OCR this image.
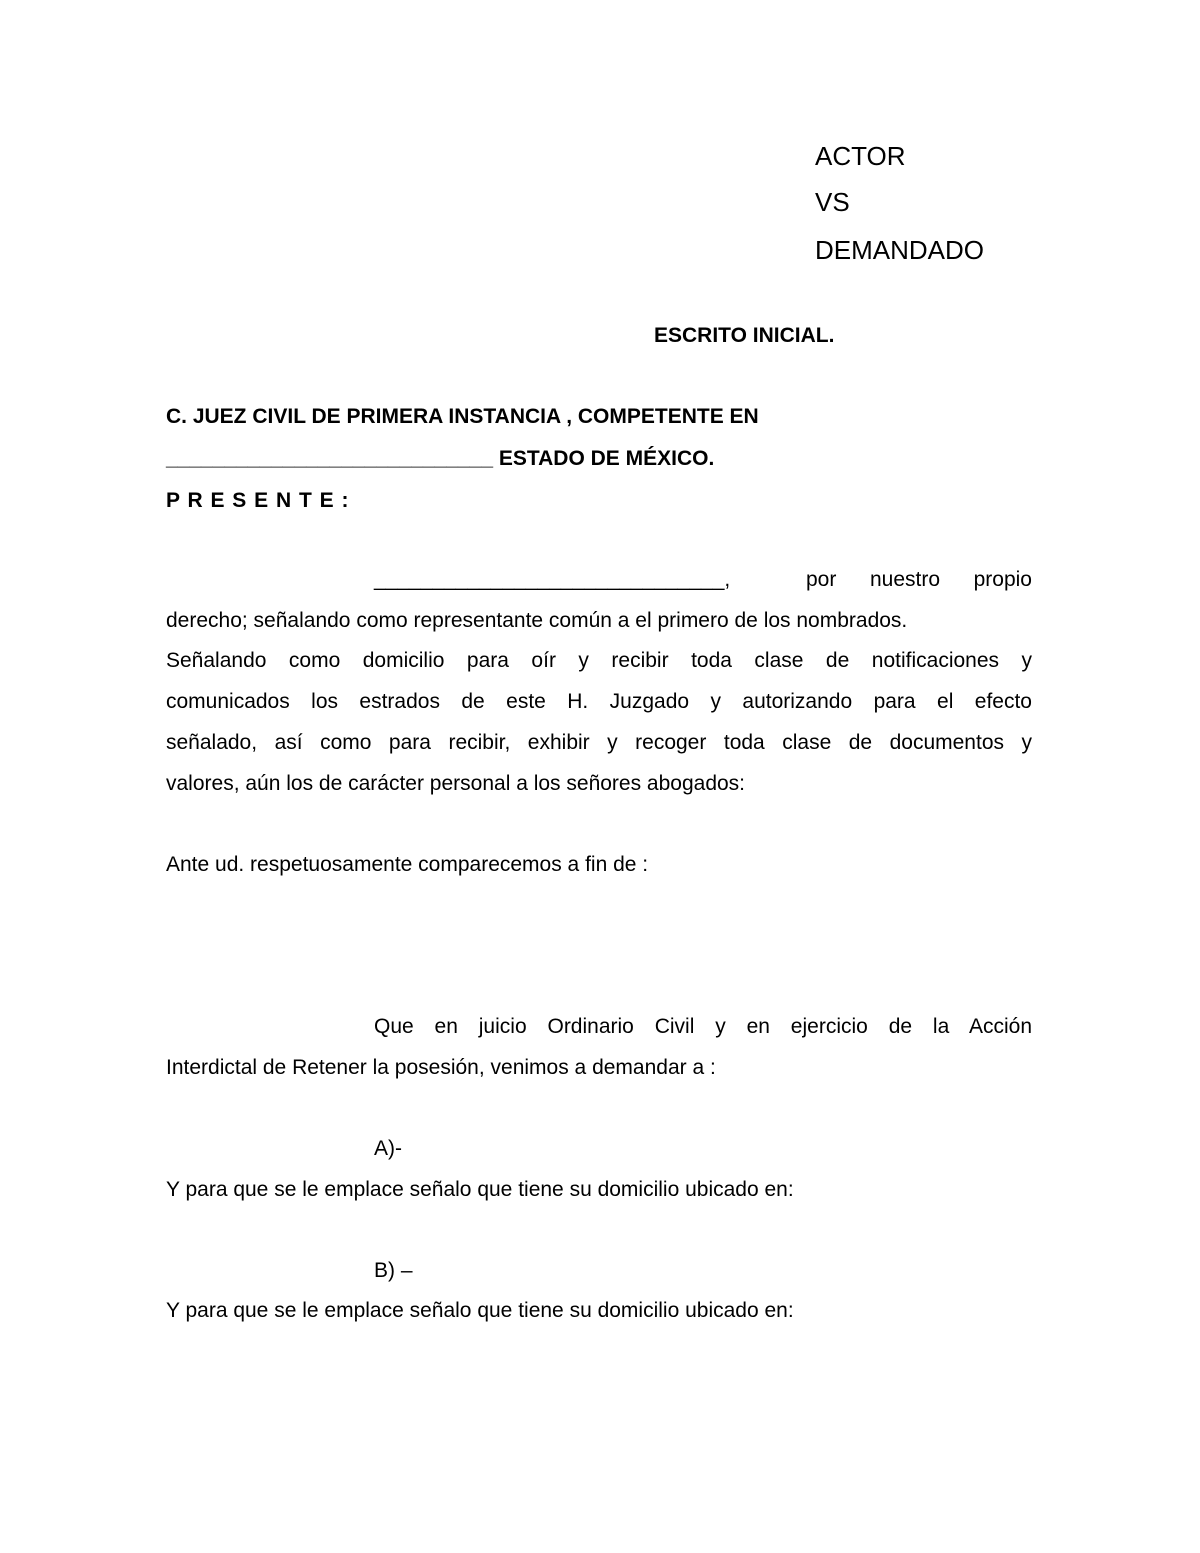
ACTOR
VS
DEMANDADO
ESCRITO INICIAL.
C. JUEZ CIVIL DE PRIMERA INSTANCIA , COMPETENTE EN
____________________________ ESTADO DE MÉXICO.
P R E S E N T E :
______________________________,	por nuestro propio
derecho; señalando como representante común a el primero de los nombrados.
Señalando como domicilio para oír y recibir toda clase de notificaciones y
comunicados los estrados de este H. Juzgado y autorizando para el efecto
señalado, así como para recibir, exhibir y recoger toda clase de documentos y
valores, aún los de carácter personal a los señores abogados:
Ante ud. respetuosamente comparecemos a fin de :
Que en juicio Ordinario Civil y en ejercicio de la Acción
Interdictal de Retener la posesión, venimos a demandar a :
A)-
Y para que se le emplace señalo que tiene su domicilio ubicado en:
B) –
Y para que se le emplace señalo que tiene su domicilio ubicado en:
